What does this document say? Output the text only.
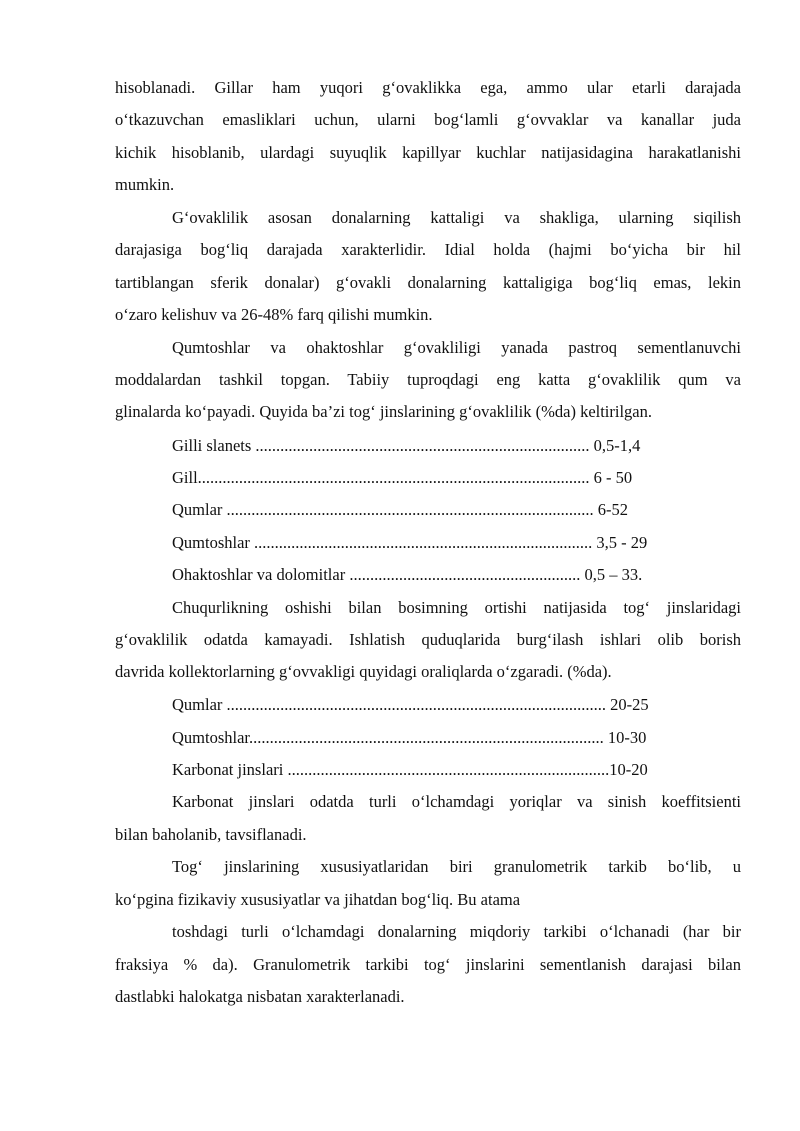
hisoblanadi. Gillar ham yuqori g‘ovaklikka ega, ammo ular etarli darajada
o‘tkazuvchan emasliklari uchun, ularni bog‘lamli g‘ovvaklar va kanallar juda
kichik hisoblanib, ulardagi suyuqlik kapillyar kuchlar natijasidagina harakatlanishi
mumkin.
G‘ovaklilik asosan donalarning kattaligi va shakliga, ularning siqilish
darajasiga bog‘liq darajada xarakterlidir. Idial holda (hajmi bo‘yicha bir hil
tartiblangan sferik donalar) g‘ovakli donalarning kattaligiga bog‘liq emas, lekin
o‘zaro kelishuv va 26-48% farq qilishi mumkin.
Qumtoshlar va ohaktoshlar g‘ovakliligi yanada pastroq sementlanuvchi
moddalardan tashkil topgan. Tabiiy tuproqdagi eng katta g‘ovaklilik qum va
glinalarda ko‘payadi. Quyida ba’zi tog‘ jinslarining g‘ovaklilik (%da) keltirilgan.
Gilli slanets ................................................................................. 0,5-1,4
Gill............................................................................................... 6 - 50
Qumlar ......................................................................................... 6-52
Qumtoshlar .................................................................................. 3,5 - 29
Ohaktoshlar va dolomitlar ........................................................ 0,5 – 33.
Chuqurlikning oshishi bilan bosimning ortishi natijasida tog‘ jinslaridagi
g‘ovaklilik odatda kamayadi. Ishlatish quduqlarida burg‘ilash ishlari olib borish
davrida kollektorlarning g‘ovvakligi quyidagi oraliqlarda o‘zgaradi. (%da).
Qumlar ............................................................................................ 20-25
Qumtoshlar...................................................................................... 10-30
Karbonat jinslari ..............................................................................10-20
Karbonat jinslari odatda turli o‘lchamdagi yoriqlar va sinish koeffitsienti
bilan baholanib, tavsiflanadi.
Tog‘ jinslarining xususiyatlaridan biri granulometrik tarkib bo‘lib, u
ko‘pgina fizikaviy xususiyatlar va jihatdan bog‘liq. Bu atama
toshdagi turli o‘lchamdagi donalarning miqdoriy tarkibi o‘lchanadi (har bir
fraksiya % da). Granulometrik tarkibi tog‘ jinslarini sementlanish darajasi bilan
dastlabki halokatga nisbatan xarakterlanadi.
